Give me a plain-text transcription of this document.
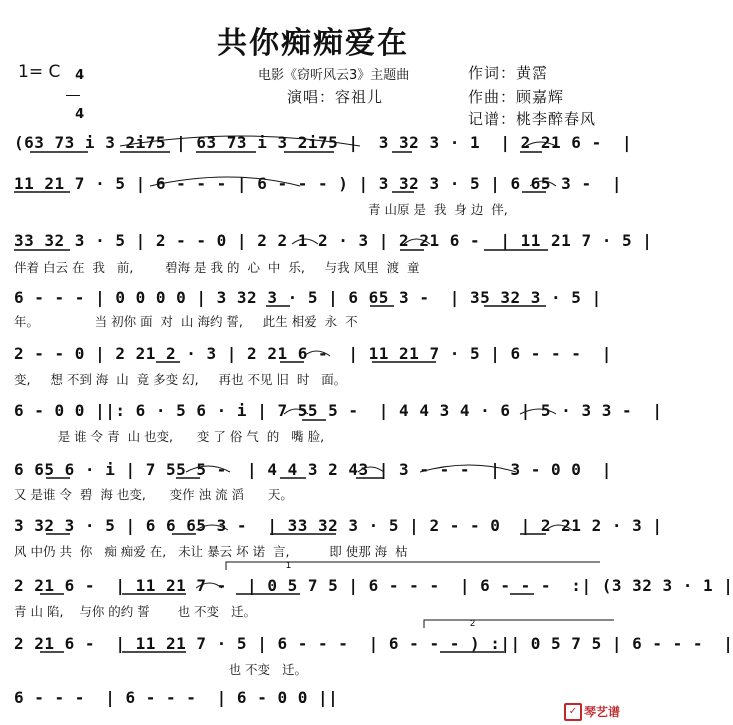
共你痴痴爱在
1= C	4

4

电影《窃听风云3》主题曲
演唱：容祖儿
作词：黄霑
作曲：顾嘉辉
记谱：桃李醉春风
(63 73 i 3 2i75 | 63 73 i 3 2i75 |  3 32 3 · 1  | 2 21 6 -  |
11 21 7 · 5 | 6 - - - | 6 - - - ) | 3 32 3 · 5 | 6 65 3 -  |
青 山原 是  我  身 边  伴,
33 32 3 · 5 | 2 - - 0 | 2 2 1 2 · 3 | 2 21 6 -  | 11 21 7 · 5 |
伴着 白云 在  我   前,        碧海 是 我 的  心  中  乐,     与我 风里  渡  童
6 - - - | 0 0 0 0 | 3 32 3 · 5 | 6 65 3 -  | 35 32 3 · 5 |
年。              当 初你 面  对  山 海约 誓,     此生 相爱  永  不
2 - - 0 | 2 21 2 · 3 | 2 21 6 -  | 11 21 7 · 5 | 6 - - -  |
变,     想 不到 海  山  竟 多变 幻,     再也 不见 旧  时   面。
6 - 0 0 ||: 6 · 5 6 · i | 7 55 5 -  | 4 4 3 4 · 6 | 5 · 3 3 -  |
是 谁 令 青  山 也变,      变 了 俗 气  的   嘴 脸,
6 65 6 · i | 7 55 5 -  | 4 4 3 2 43 | 3 - - -  | 3 - 0 0  |
又 是谁 令  碧  海 也变,      变作 浊 流 滔      天。
3 32 3 · 5 | 6 6 65 3 -  | 33 32 3 · 5 | 2 - - 0  | 2 21 2 · 3 |
风 中仍 共  你   痴 痴爱 在,   未让 暴云 坏 诺  言,          即 使那 海  枯
2 21 6 -  | 11 21 7 -  | 0 5 7 5 | 6 - - -  | 6 - - -  :| (3 32 3 · 1 |
青 山 陷,    与你 的约 誓       也 不变   迁。
2 21 6 -  | 11 21 7 · 5 | 6 - - -  | 6 - - - ) :|| 0 5 7 5 | 6 - - -  |
也 不变   迁。
6 - - -  | 6 - - -  | 6 - 0 0 ||
1
2

✓ 琴艺谱
